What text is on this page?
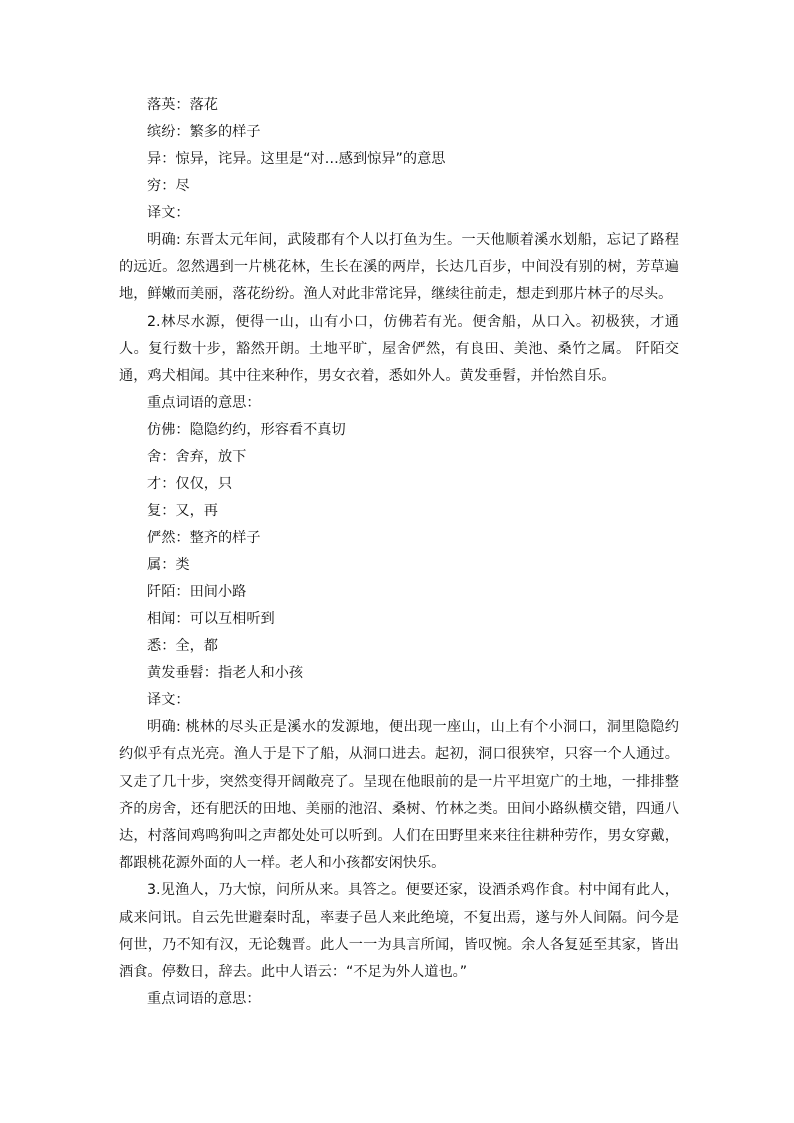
落英：落花

缤纷：繁多的样子

异：惊异，诧异。这里是“对…感到惊异”的意思

穷：尽

译文：

明确: 东晋太元年间，武陵郡有个人以打鱼为生。一天他顺着溪水划船，忘记了路程的远近。忽然遇到一片桃花林，生长在溪的两岸，长达几百步，中间没有别的树，芳草遍地，鲜嫩而美丽，落花纷纷。渔人对此非常诧异，继续往前走，想走到那片林子的尽头。

2.林尽水源，便得一山，山有小口，仿佛若有光。便舍船，从口入。初极狭，才通人。复行数十步，豁然开朗。土地平旷，屋舍俨然，有良田、美池、桑竹之属。 阡陌交通，鸡犬相闻。其中往来种作，男女衣着，悉如外人。黄发垂髫，并怡然自乐。

重点词语的意思：

仿佛：隐隐约约，形容看不真切

舍：舍弃，放下

才：仅仅，只

复：又，再

俨然：整齐的样子

属：类

阡陌：田间小路

相闻：可以互相听到

悉：全，都

黄发垂髫：指老人和小孩

译文：

明确: 桃林的尽头正是溪水的发源地，便出现一座山，山上有个小洞口，洞里隐隐约约似乎有点光亮。渔人于是下了船，从洞口进去。起初，洞口很狭窄，只容一个人通过。又走了几十步，突然变得开阔敞亮了。呈现在他眼前的是一片平坦宽广的土地，一排排整齐的房舍，还有肥沃的田地、美丽的池沼、桑树、竹林之类。田间小路纵横交错，四通八达，村落间鸡鸣狗叫之声都处处可以听到。人们在田野里来来往往耕种劳作，男女穿戴，都跟桃花源外面的人一样。老人和小孩都安闲快乐。

3.见渔人，乃大惊，问所从来。具答之。便要还家，设酒杀鸡作食。村中闻有此人，咸来问讯。自云先世避秦时乱，率妻子邑人来此绝境，不复出焉，遂与外人间隔。问今是何世，乃不知有汉，无论魏晋。此人一一为具言所闻，皆叹惋。余人各复延至其家，皆出酒食。停数日，辞去。此中人语云：“不足为外人道也。”

重点词语的意思：
